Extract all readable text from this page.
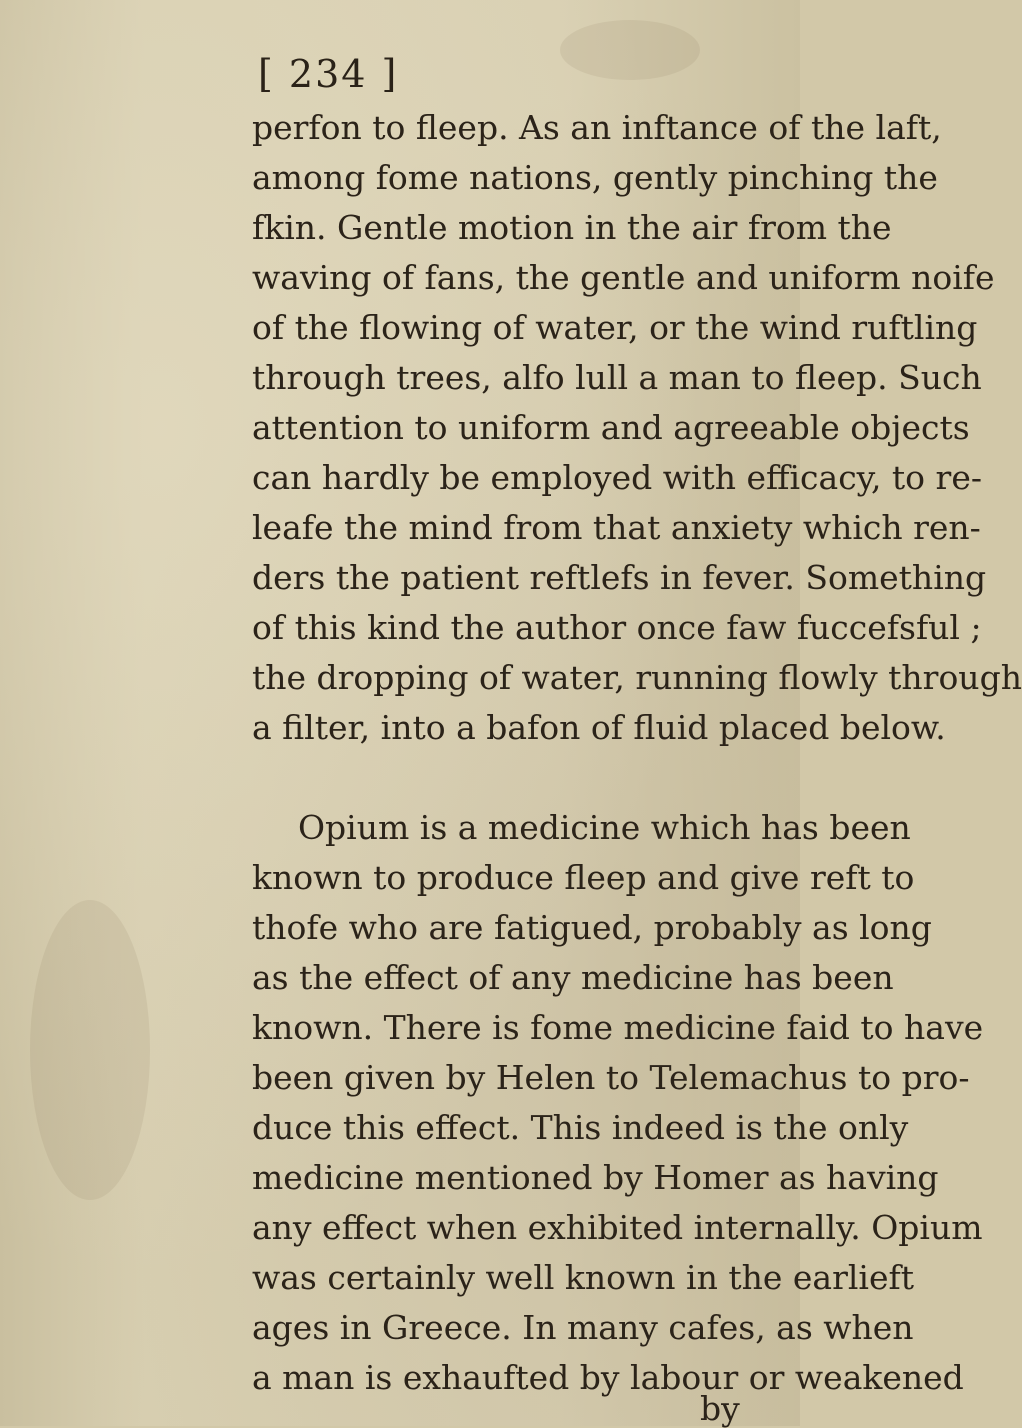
[ 234 ]
perfon to fleep. As an inftance of the laft,
among fome nations, gently pinching the
fkin. Gentle motion in the air from the
waving of fans, the gentle and uniform noife
of the flowing of water, or the wind ruftling
through trees, alfo lull a man to fleep. Such
attention to uniform and agreeable objects
can hardly be employed with efficacy, to re-
leafe the mind from that anxiety which ren-
ders the patient reftlefs in fever. Something
of this kind the author once faw fuccefsful ;
the dropping of water, running flowly through
a filter, into a bafon of fluid placed below.
Opium is a medicine which has been
known to produce fleep and give reft to
thofe who are fatigued, probably as long
as the effect of any medicine has been
known. There is fome medicine faid to have
been given by Helen to Telemachus to pro-
duce this effect. This indeed is the only
medicine mentioned by Homer as having
any effect when exhibited internally. Opium
was certainly well known in the earlieft
ages in Greece. In many cafes, as when
a man is exhaufted by labour or weakened
by
